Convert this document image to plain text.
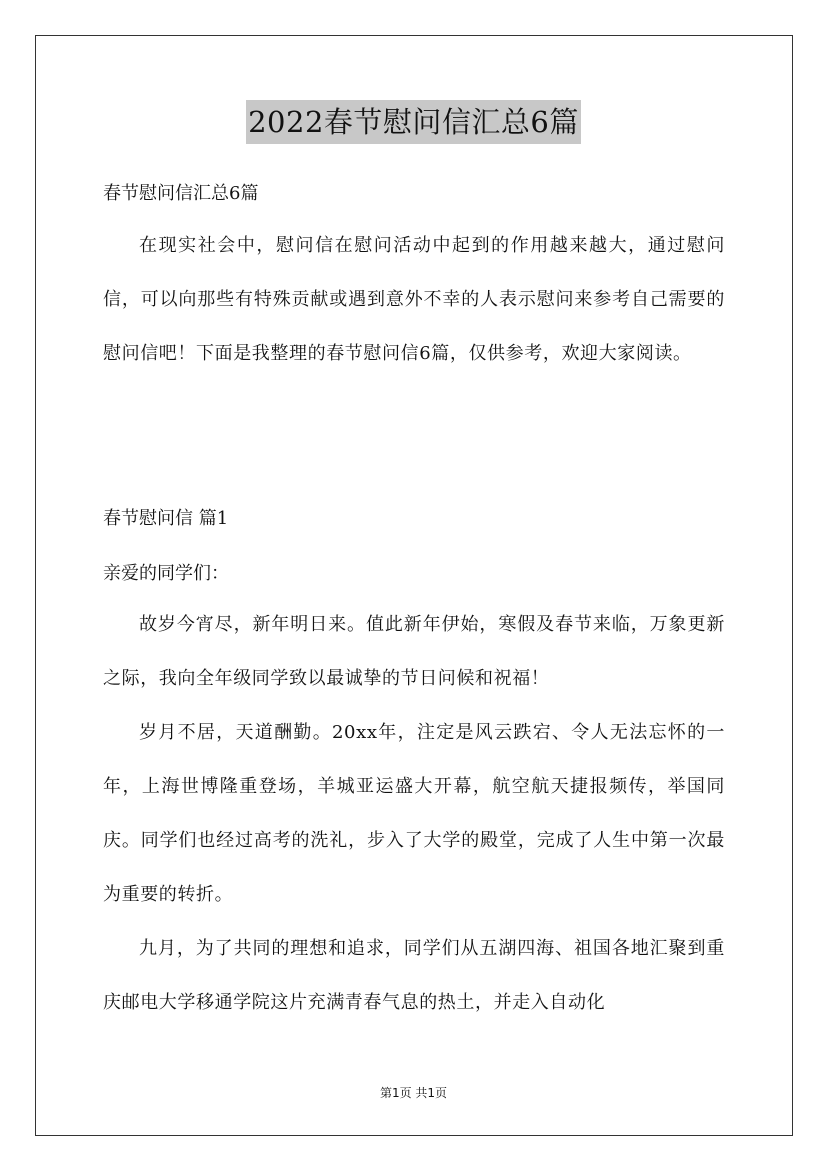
2022春节慰问信汇总6篇

春节慰问信汇总6篇

在现实社会中，慰问信在慰问活动中起到的作用越来越大，通过慰问信，可以向那些有特殊贡献或遇到意外不幸的人表示慰问来参考自己需要的慰问信吧！下面是我整理的春节慰问信6篇，仅供参考，欢迎大家阅读。

春节慰问信 篇1

亲爱的同学们：

故岁今宵尽，新年明日来。值此新年伊始，寒假及春节来临，万象更新之际，我向全年级同学致以最诚挚的节日问候和祝福！

岁月不居，天道酬勤。20xx年，注定是风云跌宕、令人无法忘怀的一年，上海世博隆重登场，羊城亚运盛大开幕，航空航天捷报频传，举国同庆。同学们也经过高考的洗礼，步入了大学的殿堂，完成了人生中第一次最为重要的转折。

九月，为了共同的理想和追求，同学们从五湖四海、祖国各地汇聚到重庆邮电大学移通学院这片充满青春气息的热土，并走入自动化

第1页 共1页
